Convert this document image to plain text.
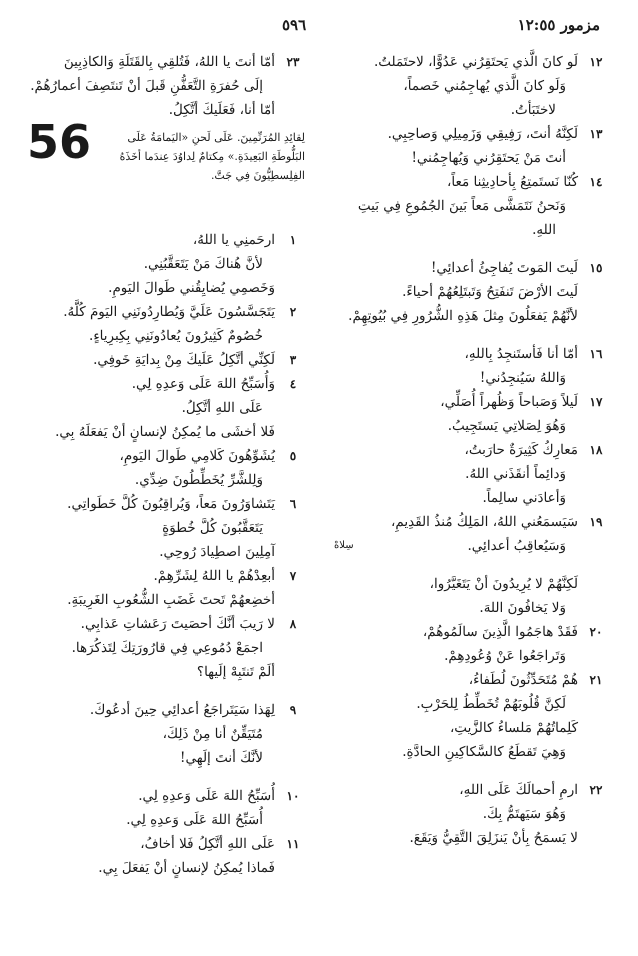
مزمور ١٢:٥٥
٥٩٦
١٢
لَو كانَ الَّذي يَحتَقِرُني عَدُوًّا، لاحتَمَلتُ.
وَلَو كانَ الَّذي يُهاجِمُني خَصماً،
لاختَبَأتُ.
١٣
لَكِنَّهُ أنتَ، رَفِيقِي وَزَمِيلِي وَصاحِبِي.
أنتَ مَنْ يَحتَقِرُني وَيُهاجِمُني!
١٤
كُنّا نَستَمتِعُ بِأحادِيثِنا مَعاً،
وَنَحنُ نَتَمَشَّى مَعاً بَينَ الجُمُوعِ فِي بَيتِ
اللهِ.
١٥
لَيتَ المَوتَ يُفاجِئُ أعدائِي!
لَيتَ الأرْضَ تَنفَتِحُ وَتَبتَلِعُهُمْ أحياءً.
لأنَّهُمْ يَفعَلُونَ مِثلَ هَذِهِ الشُّرُورِ فِي بُيُوتِهِمْ.
١٦
أمّا أنا فَأستَنجِدُ بِاللهِ،
وَاللهُ سَيُنجِدُني!
١٧
لَيلاً وَصَباحاً وَظُهراً أُصَلِّي،
وَهُوَ لِصَلاتِي يَستَجِيبُ.
١٨
مَعارِكُ كَثِيرَةٌ حارَبتُ،
وَدائِماً أنقَذَني اللهُ.
وَأعادَني سالِماً.
١٩
سَيَسمَعُني اللهُ، المَلِكُ مُنذُ القَدِيمِ،
وَسَيُعاقِبُ أعدائِي.
سِلاهْ
لَكِنَّهُمْ لا يُرِيدُونَ أنْ يَتَغَيَّرُوا،
وَلا يَخافُونَ اللهَ.
٢٠
فَقَدْ هاجَمُوا الَّذِينَ سالَمُوهُمْ،
وَتَراجَعُوا عَنْ وُعُودِهِمْ.
٢١
هُمْ مُتَحَدِّثُونَ لُطَفاءُ،
لَكِنَّ قُلُوبَهُمْ تُخَطِّطُ لِلحَرْبِ.
كَلِماتُهُمْ مَلساءُ كالزَّيتِ،
وَهِيَ تَقطَعُ كالسَّكاكِينِ الحادَّةِ.
٢٢
ارمِ أحمالَكَ عَلَى اللهِ،
وَهُوَ سَيَهتَمُّ بِكَ.
لا يَسمَحُ بِأنْ يَنزَلِقَ التَّقِيُّ وَيَقَعَ.
٢٣
أمّا أنتَ يا اللهُ، فَتُلقِي بِالقَتَلَةِ وَالكاذِبِينَ
إلَى حُفرَةِ التَّعَفُّنِ قَبلَ أنْ تَنتَصِفَ أعمارُهُمْ.
أمّا أنا، فَعَلَيكَ أتَّكِلُ.
56	لِقائِدِ المُرَنِّمِينَ. عَلَى لَحنِ «اليَمامَةُ عَلَى البَلُّوطَةِ البَعِيدَةِ.» مِكتامٌ لِداوُدَ عِندَما أخَذَهُ الفِلِسطِيُّونَ فِي جَتَّ.
١
ارحَمنِي يا اللهُ،
لأنَّ هُناكَ مَنْ يَتَعَقَّبُنِي.
وَخَصمِي يُضايِقُني طَوالَ اليَومِ.
٢
يَتَجَسَّسُونَ عَلَيَّ وَيُطارِدُونَنِي اليَومَ كُلَّهُ.
خُصُومٌ كَثِيرُونَ يُعادُونَنِي بِكِبرِياءٍ.
٣
لَكِنِّي أتَّكِلُ عَلَيكَ مِنْ بِدايَةِ خَوفِي.
٤
وَأُسَبِّحُ اللهَ عَلَى وَعدِهِ لِي.
عَلَى اللهِ أتَّكِلُ.
فَلا أخشَى ما يُمكِنُ لإنسانٍ أنْ يَفعَلَهُ بِي.
٥
يُشَوِّهُونَ كَلامِي طَوالَ اليَومِ،
وَلِلشَّرِّ يُخَطِّطُونَ ضِدِّي.
٦
يَتَشاوَرُونَ مَعاً، وَيُراقِبُونَ كُلَّ خَطَواتِي.
يَتَعَقَّبُونَ كُلَّ خُطوَةٍ
آمِلِينَ اصطِيادَ رُوحِي.
٧
أبعِدْهُمْ يا اللهُ لِشَرِّهِمْ.
أخضِعهُمْ تَحتَ غَضَبِ الشُّعُوبِ الغَرِيبَةِ.
٨
لا رَيبَ أنَّكَ أحصَيتَ رَعَشاتِ عَذابِي.
اجمَعْ دُمُوعِي فِي قارُورَتِكَ لِتَذكُرَها.
ألَمْ تَنتَبِهْ إلَيها؟
٩
لِهَذا سَيَتَراجَعُ أعدائِي حِينَ أدعُوكَ.
مُتَيَقِّنٌ أنا مِنْ ذَلِكَ،
لأنَّكَ أنتَ إلَهِي!
١٠
أُسَبِّحُ اللهَ عَلَى وَعدِهِ لِي.
أُسَبِّحُ اللهَ عَلَى وَعدِهِ لِي.
١١
عَلَى اللهِ أتَّكِلُ فَلا أخافُ،
فَماذا يُمكِنُ لإنسانٍ أنْ يَفعَلَ بِي.
